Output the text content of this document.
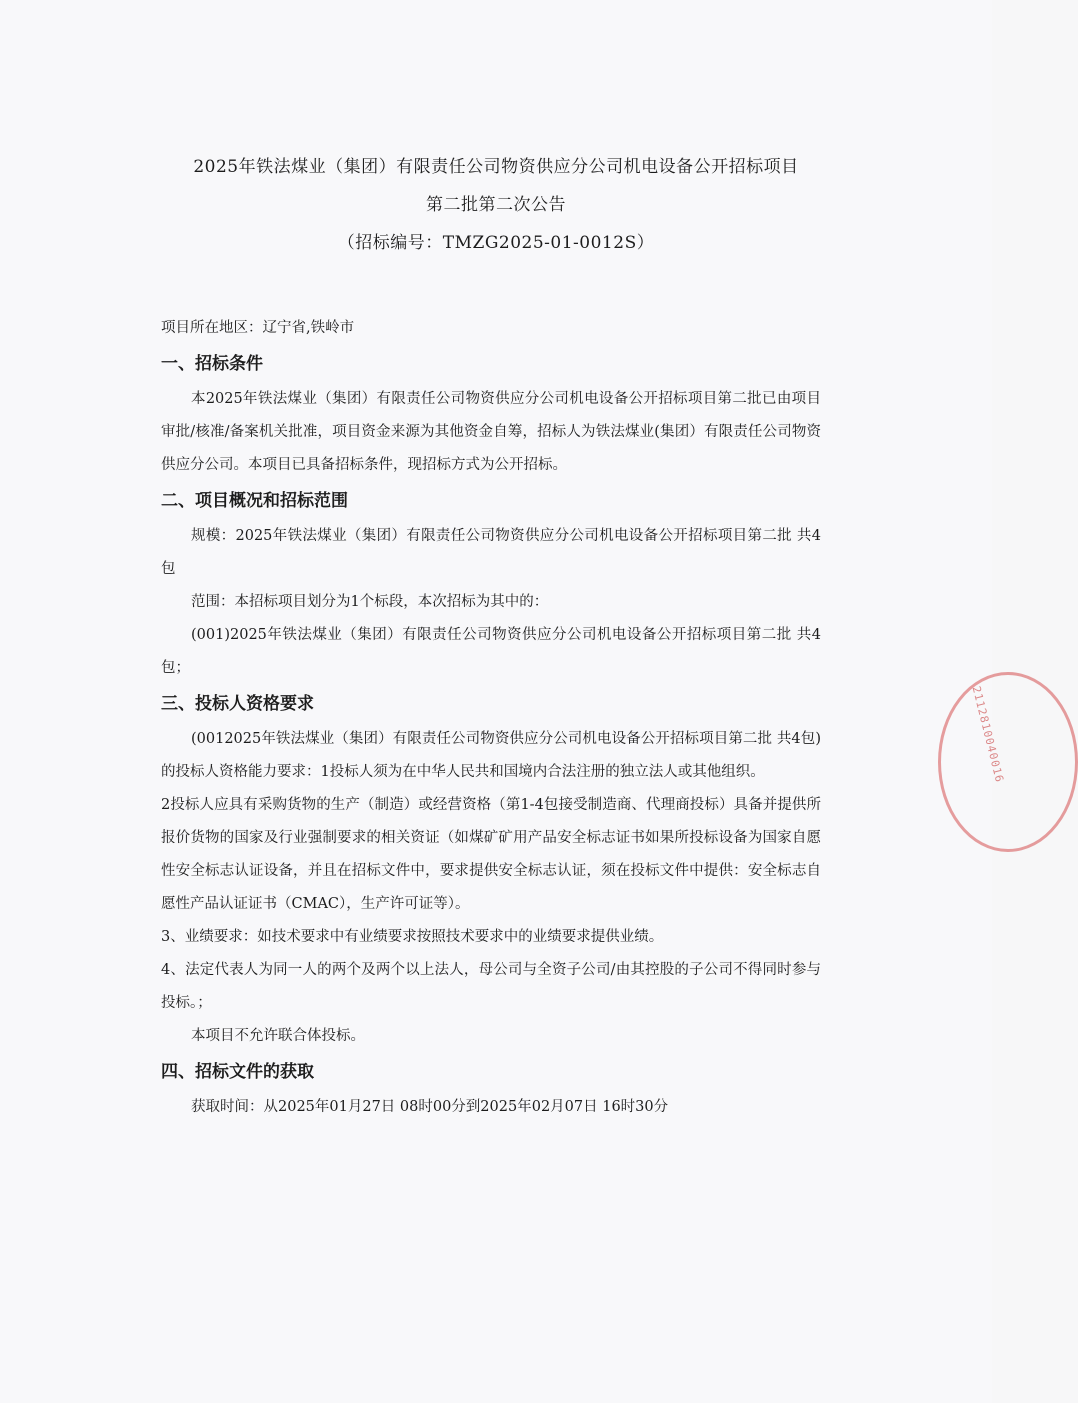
2025年铁法煤业（集团）有限责任公司物资供应分公司机电设备公开招标项目
第二批第二次公告
（招标编号：TMZG2025-01-0012S）

项目所在地区：辽宁省,铁岭市

一、招标条件

本2025年铁法煤业（集团）有限责任公司物资供应分公司机电设备公开招标项目第二批已由项目审批/核准/备案机关批准，项目资金来源为其他资金自筹，招标人为铁法煤业(集团）有限责任公司物资供应分公司。本项目已具备招标条件，现招标方式为公开招标。

二、项目概况和招标范围

规模：2025年铁法煤业（集团）有限责任公司物资供应分公司机电设备公开招标项目第二批 共4包

范围：本招标项目划分为1个标段，本次招标为其中的：

(001)2025年铁法煤业（集团）有限责任公司物资供应分公司机电设备公开招标项目第二批 共4包；

三、投标人资格要求

(0012025年铁法煤业（集团）有限责任公司物资供应分公司机电设备公开招标项目第二批 共4包)的投标人资格能力要求：1投标人须为在中华人民共和国境内合法注册的独立法人或其他组织。

2投标人应具有采购货物的生产（制造）或经营资格（第1-4包接受制造商、代理商投标）具备并提供所报价货物的国家及行业强制要求的相关资证（如煤矿矿用产品安全标志证书如果所投标设备为国家自愿性安全标志认证设备，并且在招标文件中，要求提供安全标志认证，须在投标文件中提供：安全标志自愿性产品认证证书（CMAC），生产许可证等）。

3、业绩要求：如技术要求中有业绩要求按照技术要求中的业绩要求提供业绩。

4、法定代表人为同一人的两个及两个以上法人，母公司与全资子公司/由其控股的子公司不得同时参与投标。；

本项目不允许联合体投标。

四、招标文件的获取

获取时间：从2025年01月27日 08时00分到2025年02月07日 16时30分

2112810040016
